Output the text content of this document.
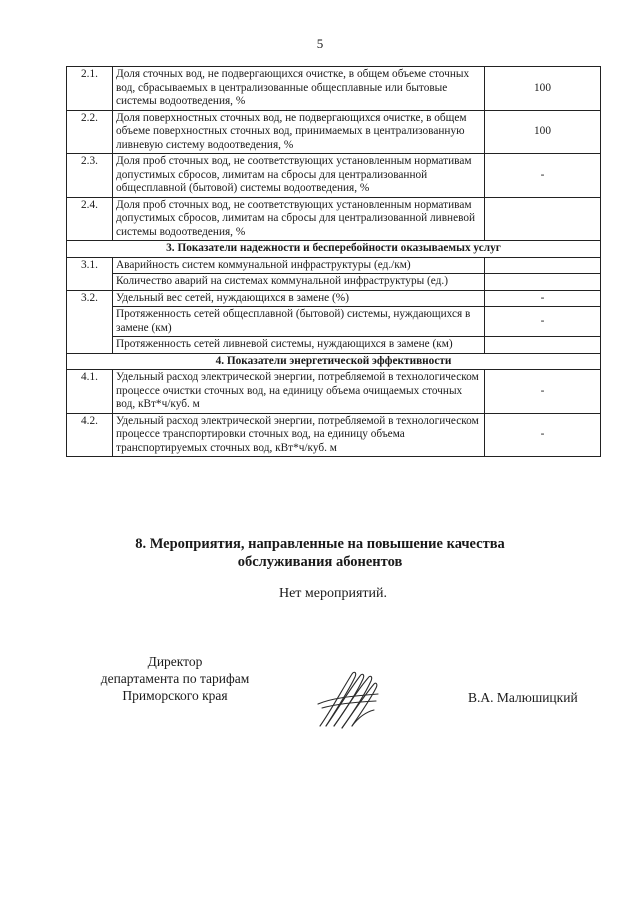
5
2.1.	Доля сточных вод, не подвергающихся очистке, в общем объеме сточных вод, сбрасываемых в централизованные общесплавные или бытовые системы водоотведения, %	100
2.2.	Доля поверхностных сточных вод, не подвергающихся очистке, в общем объеме поверхностных сточных вод, принимаемых в централизованную ливневую систему водоотведения, %	100
2.3.	Доля проб сточных вод, не соответствующих установленным нормативам допустимых сбросов, лимитам на сбросы для централизованной общесплавной (бытовой) системы водоотведения, %	-
2.4.	Доля проб сточных вод, не соответствующих установленным нормативам допустимых сбросов, лимитам на сбросы для централизованной ливневой системы водоотведения, %	
3. Показатели надежности и бесперебойности оказываемых услуг		
3.1.	Аварийность систем коммунальной инфраструктуры (ед./км)	
	Количество аварий на системах коммунальной инфраструктуры (ед.)	
3.2.	Удельный вес сетей, нуждающихся в замене (%)	-
	Протяженность сетей общесплавной (бытовой) системы, нуждающихся в замене (км)	-
	Протяженность сетей ливневой системы, нуждающихся в замене (км)	
4. Показатели энергетической эффективности		
4.1.	Удельный расход электрической энергии, потребляемой в технологическом процессе очистки сточных вод, на единицу объема очищаемых сточных вод, кВт*ч/куб. м	-
4.2.	Удельный расход электрической энергии, потребляемой в технологическом процессе транспортировки сточных вод, на единицу объема транспортируемых сточных вод, кВт*ч/куб. м	-
8. Мероприятия, направленные на повышение качества
обслуживания абонентов
Нет мероприятий.
Директор
департамента по тарифам
Приморского края	В.А. Малюшицкий
